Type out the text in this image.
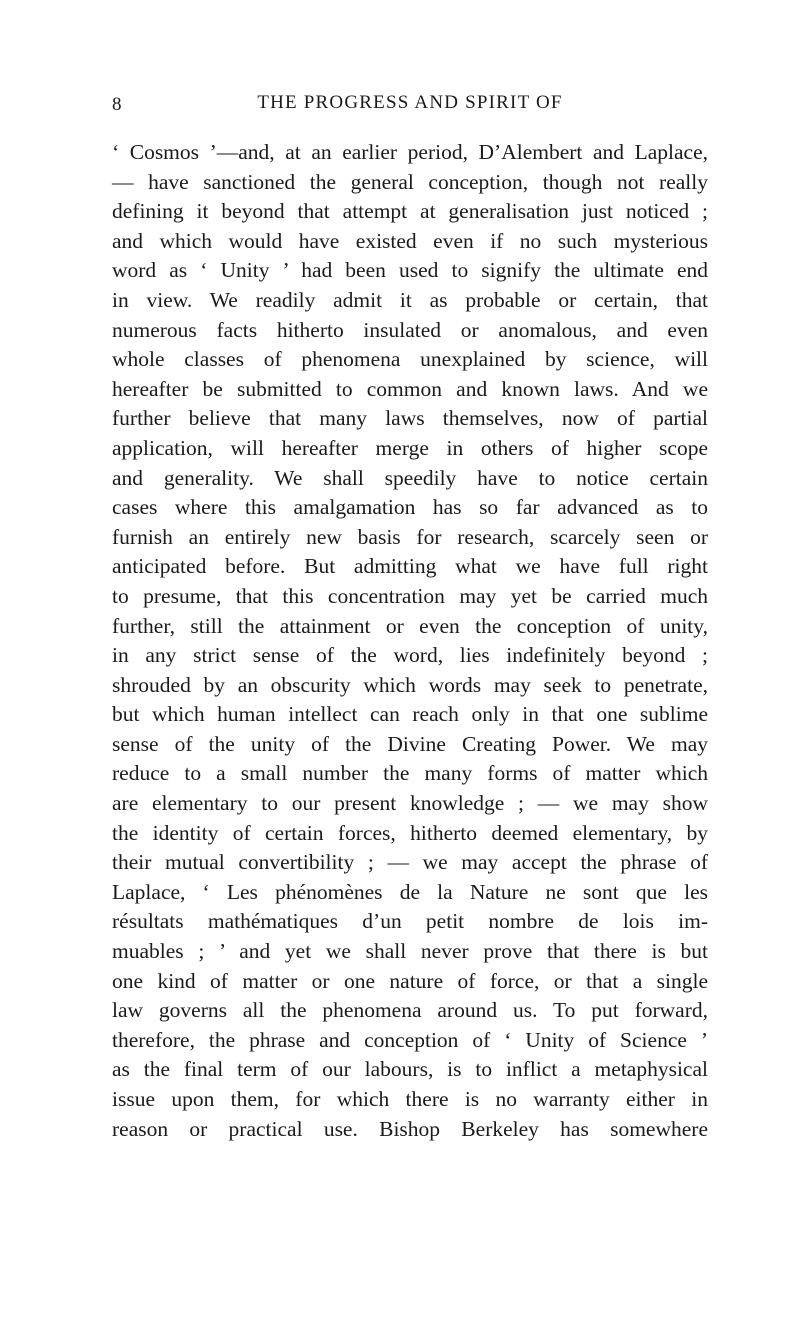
8	THE PROGRESS AND SPIRIT OF
‘ Cosmos ’—and, at an earlier period, D’Alembert and Laplace,
— have sanctioned the general conception, though not really
defining it beyond that attempt at generalisation just noticed ;
and which would have existed even if no such mysterious
word as ‘ Unity ’ had been used to signify the ultimate end
in view. We readily admit it as probable or certain, that
numerous facts hitherto insulated or anomalous, and even
whole classes of phenomena unexplained by science, will
hereafter be submitted to common and known laws. And we
further believe that many laws themselves, now of partial
application, will hereafter merge in others of higher scope
and generality. We shall speedily have to notice certain
cases where this amalgamation has so far advanced as to
furnish an entirely new basis for research, scarcely seen or
anticipated before. But admitting what we have full right
to presume, that this concentration may yet be carried much
further, still the attainment or even the conception of unity,
in any strict sense of the word, lies indefinitely beyond ;
shrouded by an obscurity which words may seek to penetrate,
but which human intellect can reach only in that one sublime
sense of the unity of the Divine Creating Power. We may
reduce to a small number the many forms of matter which
are elementary to our present knowledge ; — we may show
the identity of certain forces, hitherto deemed elementary, by
their mutual convertibility ; — we may accept the phrase of
Laplace, ‘ Les phénomènes de la Nature ne sont que les
résultats mathématiques d’un petit nombre de lois im-
muables ; ’ and yet we shall never prove that there is but
one kind of matter or one nature of force, or that a single
law governs all the phenomena around us. To put forward,
therefore, the phrase and conception of ‘ Unity of Science ’
as the final term of our labours, is to inflict a metaphysical
issue upon them, for which there is no warranty either in
reason or practical use. Bishop Berkeley has somewhere
